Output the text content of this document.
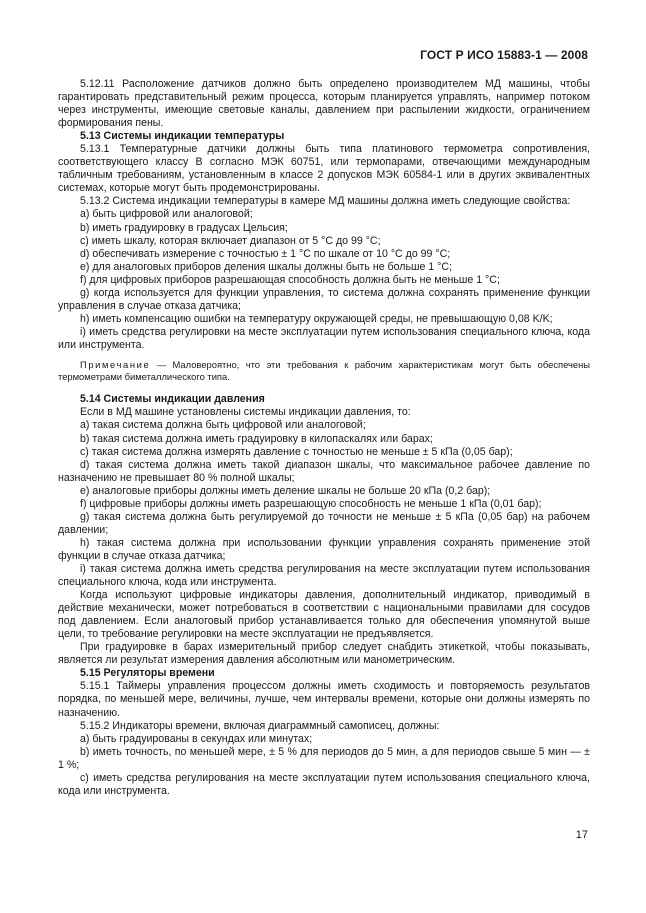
ГОСТ Р ИСО 15883-1 — 2008

5.12.11 Расположение датчиков должно быть определено производителем МД машины, чтобы гарантировать представительный режим процесса, которым планируется управлять, например потоком через инструменты, имеющие световые каналы, давлением при распылении жидкости, ограничением формирования пены.

5.13 Системы индикации температуры

5.13.1 Температурные датчики должны быть типа платинового термометра сопротивления, соответствующего классу B согласно МЭК 60751, или термопарами, отвечающими международным табличным требованиям, установленным в классе 2 допусков МЭК 60584-1 или в других эквивалентных системах, которые могут быть продемонстрированы.

5.13.2 Система индикации температуры в камере МД машины должна иметь следующие свойства:

a) быть цифровой или аналоговой;

b) иметь градуировку в градусах Цельсия;

c) иметь шкалу, которая включает диапазон от 5 °C до 99 °C;

d) обеспечивать измерение с точностью ± 1 °C по шкале от 10 °C до 99 °C;

e) для аналоговых приборов деления шкалы должны быть не больше 1 °C;

f) для цифровых приборов разрешающая способность должна быть не меньше 1 °C;

g) когда используется для функции управления, то система должна сохранять применение функции управления в случае отказа датчика;

h) иметь компенсацию ошибки на температуру окружающей среды, не превышающую 0,08 K/K;

i) иметь средства регулировки на месте эксплуатации путем использования специального ключа, кода или инструмента.

Примечание — Маловероятно, что эти требования к рабочим характеристикам могут быть обеспечены термометрами биметаллического типа.

5.14 Системы индикации давления

Если в МД машине установлены системы индикации давления, то:

a) такая система должна быть цифровой или аналоговой;

b) такая система должна иметь градуировку в килопаскалях или барах;

c) такая система должна измерять давление с точностью не меньше ± 5 кПа (0,05 бар);

d) такая система должна иметь такой диапазон шкалы, что максимальное рабочее давление по назначению не превышает 80 % полной шкалы;

e) аналоговые приборы должны иметь деление шкалы не больше 20 кПа (0,2 бар);

f) цифровые приборы должны иметь разрешающую способность не меньше 1 кПа (0,01 бар);

g) такая система должна быть регулируемой до точности не меньше ± 5 кПа (0,05 бар) на рабочем давлении;

h) такая система должна при использовании функции управления сохранять применение этой функции в случае отказа датчика;

i) такая система должна иметь средства регулирования на месте эксплуатации путем использования специального ключа, кода или инструмента.

Когда используют цифровые индикаторы давления, дополнительный индикатор, приводимый в действие механически, может потребоваться в соответствии с национальными правилами для сосудов под давлением. Если аналоговый прибор устанавливается только для обеспечения упомянутой выше цели, то требование регулировки на месте эксплуатации не предъявляется.

При градуировке в барах измерительный прибор следует снабдить этикеткой, чтобы показывать, является ли результат измерения давления абсолютным или манометрическим.

5.15 Регуляторы времени

5.15.1 Таймеры управления процессом должны иметь сходимость и повторяемость результатов порядка, по меньшей мере, величины, лучше, чем интервалы времени, которые они должны измерять по назначению.

5.15.2 Индикаторы времени, включая диаграммный самописец, должны:

a) быть градуированы в секундах или минутах;

b) иметь точность, по меньшей мере, ± 5 % для периодов до 5 мин, а для периодов свыше 5 мин — ± 1 %;

c) иметь средства регулирования на месте эксплуатации путем использования специального ключа, кода или инструмента.

17
